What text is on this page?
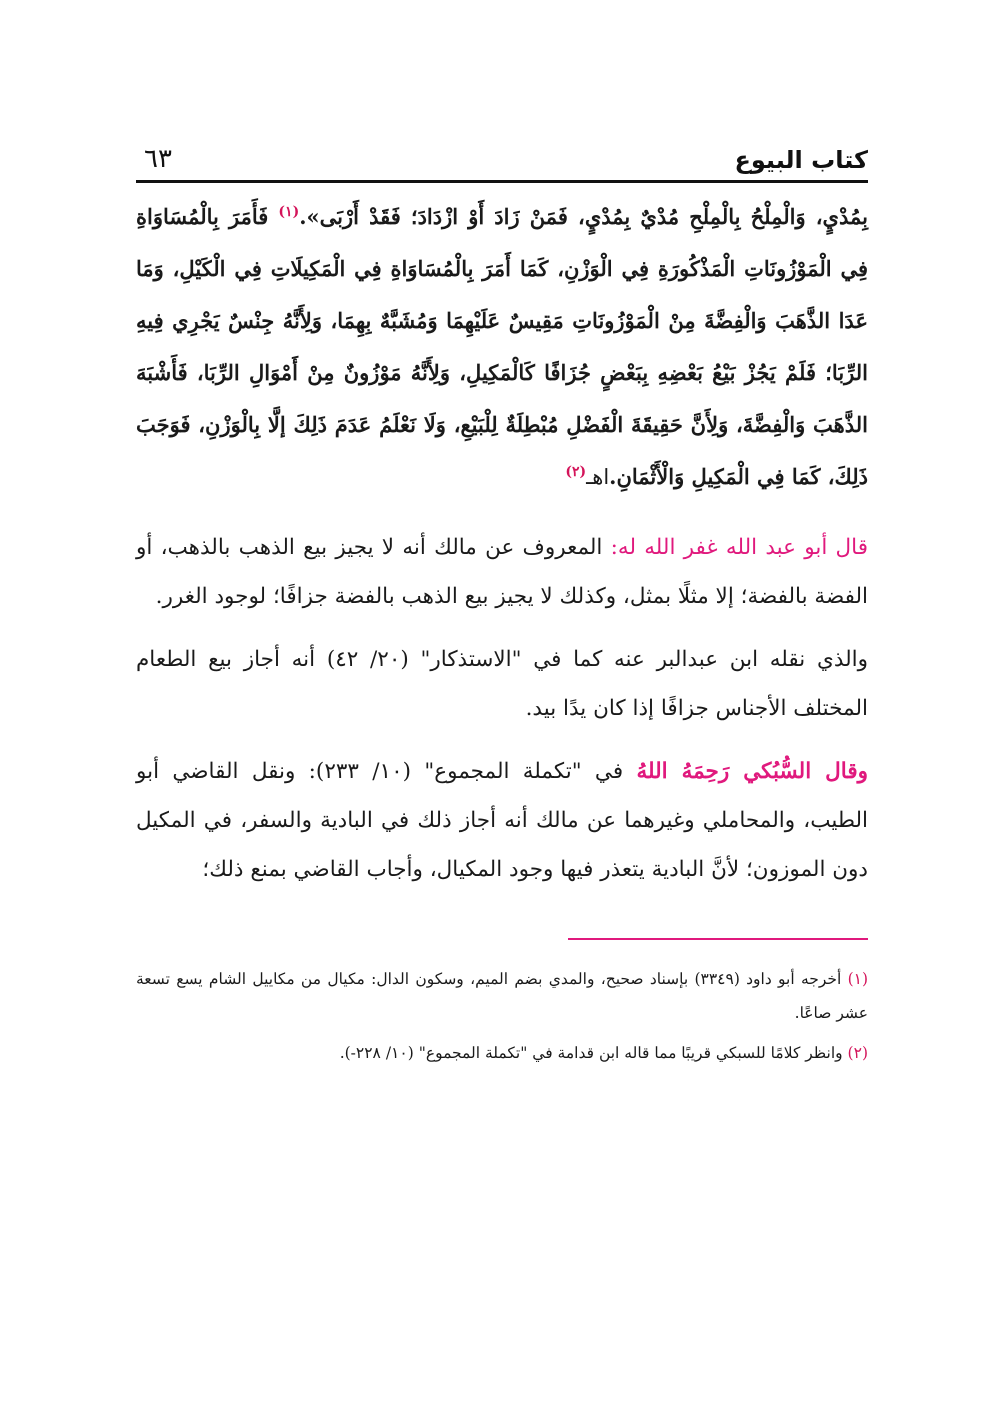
كتاب البيوع
٦٣
بِمُدْيٍ، وَالْمِلْحُ بِالْمِلْحِ مُدْيٌ بِمُدْيٍ، فَمَنْ زَادَ أَوْ ازْدَادَ؛ فَقَدْ أَرْبَى».$^{(١)}$ فَأَمَرَ بِالْمُسَاوَاةِ فِي الْمَوْزُونَاتِ الْمَذْكُورَةِ فِي الْوَزْنِ، كَمَا أَمَرَ بِالْمُسَاوَاةِ فِي الْمَكِيلَاتِ فِي الْكَيْلِ، وَمَا عَدَا الذَّهَبَ وَالْفِضَّةَ مِنْ الْمَوْزُونَاتِ مَقِيسٌ عَلَيْهِمَا وَمُشَبَّهٌ بِهِمَا، وَلِأَنَّهُ جِنْسٌ يَجْرِي فِيهِ الرِّبَا؛ فَلَمْ يَجُزْ بَيْعُ بَعْضِهِ بِبَعْضٍ جُزَافًا كَالْمَكِيلِ، وَلِأَنَّهُ مَوْزُونٌ مِنْ أَمْوَالِ الرِّبَا، فَأَشْبَهَ الذَّهَبَ وَالْفِضَّةَ، وَلِأَنَّ حَقِيقَةَ الْفَضْلِ مُبْطِلَةٌ لِلْبَيْعِ، وَلَا نَعْلَمُ عَدَمَ ذَلِكَ إلَّا بِالْوَزْنِ، فَوَجَبَ ذَلِكَ، كَمَا فِي الْمَكِيلِ وَالْأَثْمَانِ.اهـ$^{(٢)}$
قال أبو عبد الله غفر الله له: المعروف عن مالك أنه لا يجيز بيع الذهب بالذهب، أو الفضة بالفضة؛ إلا مثلًا بمثل، وكذلك لا يجيز بيع الذهب بالفضة جزافًا؛ لوجود الغرر.
والذي نقله ابن عبدالبر عنه كما في "الاستذكار" (٢٠/ ٤٢) أنه أجاز بيع الطعام المختلف الأجناس جزافًا إذا كان يدًا بيد.
وقال السُّبُكي رَحِمَهُ اللهُ في "تكملة المجموع" (١٠/ ٢٣٣): ونقل القاضي أبو الطيب، والمحاملي وغيرهما عن مالك أنه أجاز ذلك في البادية والسفر، في المكيل دون الموزون؛ لأنَّ البادية يتعذر فيها وجود المكيال، وأجاب القاضي بمنع ذلك؛
(١) أخرجه أبو داود (٣٣٤٩) بإسناد صحيح، والمدي بضم الميم، وسكون الدال: مكيال من مكاييل الشام يسع تسعة عشر صاعًا.
(٢) وانظر كلامًا للسبكي قريبًا مما قاله ابن قدامة في "تكملة المجموع" (١٠/ ٢٢٨-).
